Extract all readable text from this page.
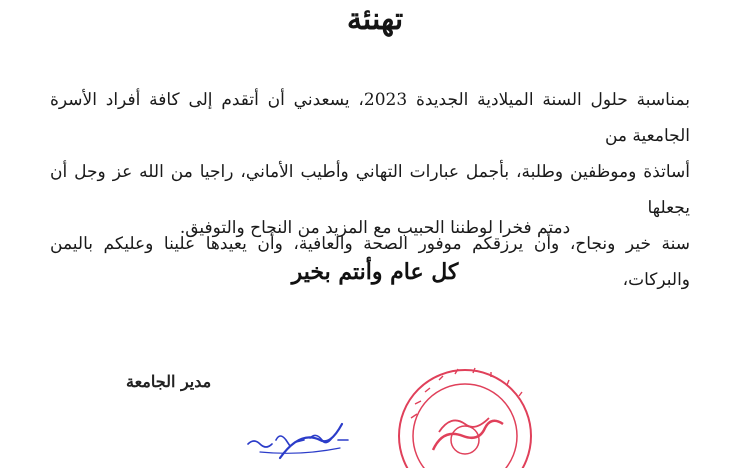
تهنئة

بمناسبة حلول السنة الميلادية الجديدة 2023، يسعدني أن أتقدم إلى كافة أفراد الأسرة الجامعية من

أساتذة وموظفين وطلبة، بأجمل عبارات التهاني وأطيب الأماني، راجيا من الله عز وجل أن يجعلها

سنة خير ونجاح، وأن يرزقكم موفور الصحة والعافية، وأن يعيدها علينا وعليكم باليمن والبركات،

دمتم فخرا لوطننا الحبيب مع المزيد من النجاح والتوفيق.
كل عام وأنتم بخير
مدير الجامعة
